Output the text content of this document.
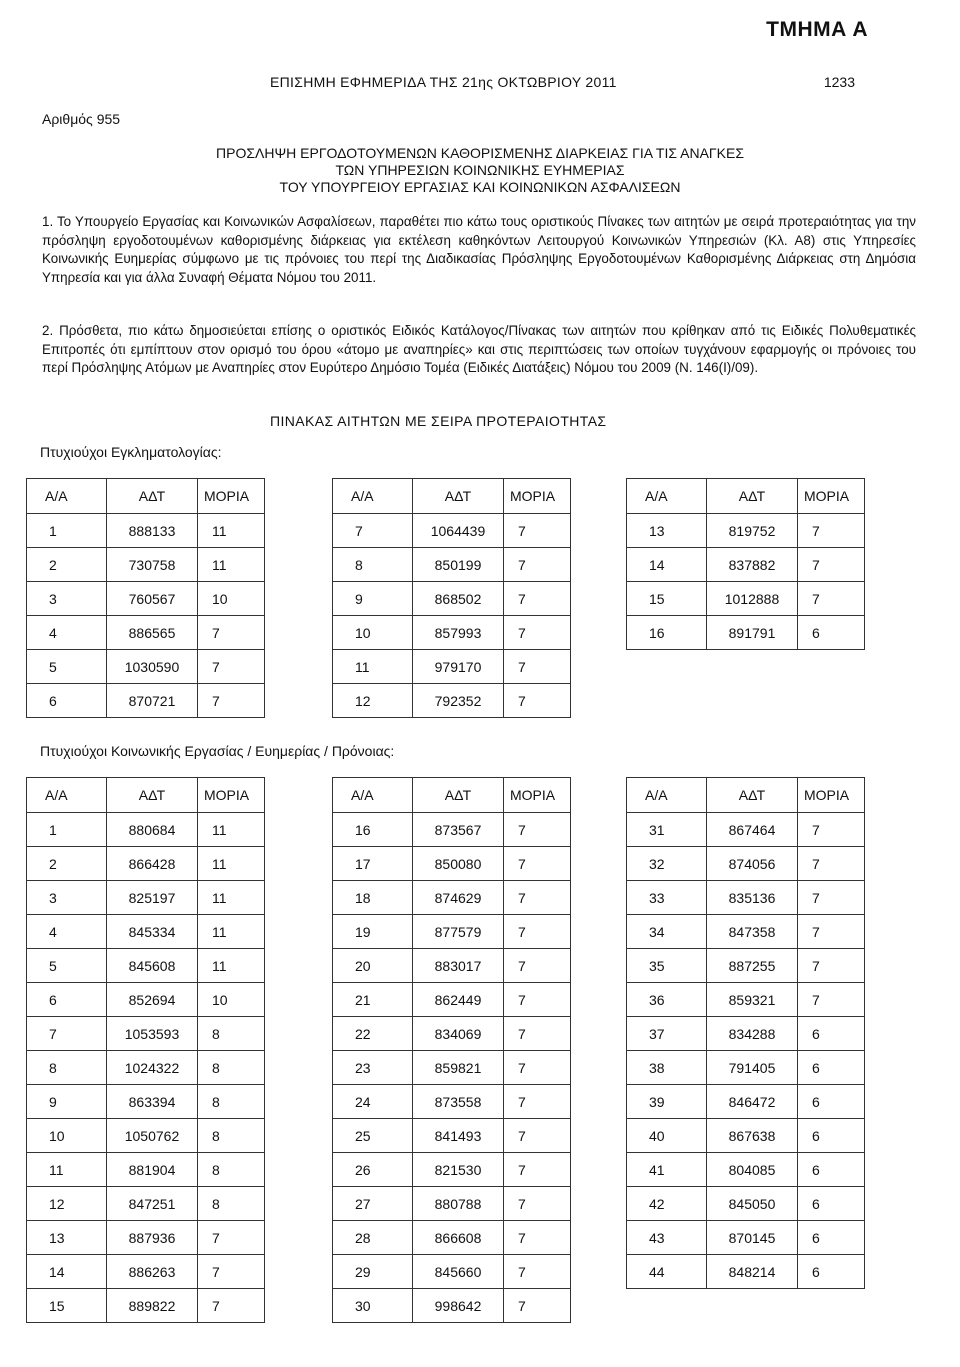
ΤΜΗΜΑ Α
ΕΠΙΣΗΜΗ ΕΦΗΜΕΡΙΔΑ ΤΗΣ 21ης ΟΚΤΩΒΡΙΟΥ 2011	1233
Αριθμός 955
ΠΡΟΣΛΗΨΗ ΕΡΓΟΔΟΤΟΥΜΕΝΩΝ ΚΑΘΟΡΙΣΜΕΝΗΣ ΔΙΑΡΚΕΙΑΣ ΓΙΑ ΤΙΣ ΑΝΑΓΚΕΣ
ΤΩΝ ΥΠΗΡΕΣΙΩΝ ΚΟΙΝΩΝΙΚΗΣ ΕΥΗΜΕΡΙΑΣ
ΤΟΥ ΥΠΟΥΡΓΕΙΟΥ ΕΡΓΑΣΙΑΣ ΚΑΙ ΚΟΙΝΩΝΙΚΩΝ ΑΣΦΑΛΙΣΕΩΝ
1. Το Υπουργείο Εργασίας και Κοινωνικών Ασφαλίσεων, παραθέτει πιο κάτω τους οριστικούς Πίνακες των αιτητών με σειρά προτεραιότητας για την πρόσληψη εργοδοτουμένων καθορισμένης διάρκειας για εκτέλεση καθηκόντων Λειτουργού Κοινωνικών Υπηρεσιών (Κλ. Α8) στις Υπηρεσίες Κοινωνικής Ευημερίας σύμφωνο με τις πρόνοιες του περί της Διαδικασίας Πρόσληψης Εργοδοτουμένων Καθορισμένης Διάρκειας στη Δημόσια Υπηρεσία και για άλλα Συναφή Θέματα Νόμου του 2011.
2. Πρόσθετα, πιο κάτω δημοσιεύεται επίσης ο οριστικός Ειδικός Κατάλογος/Πίνακας των αιτητών που κρίθηκαν από τις Ειδικές Πολυθεματικές Επιτροπές ότι εμπίπτουν στον ορισμό του όρου «άτομο με αναπηρίες» και στις περιπτώσεις των οποίων τυγχάνουν εφαρμογής οι πρόνοιες του περί Πρόσληψης Ατόμων με Αναπηρίες στον Ευρύτερο Δημόσιο Τομέα (Ειδικές Διατάξεις) Νόμου του 2009 (Ν. 146(Ι)/09).
ΠΙΝΑΚΑΣ ΑΙΤΗΤΩΝ ΜΕ ΣΕΙΡΑ ΠΡΟΤΕΡΑΙΟΤΗΤΑΣ
Πτυχιούχοι Εγκληματολογίας:
Α/Α	ΑΔΤ	ΜΟΡΙΑ
1	888133	11
2	730758	11
3	760567	10
4	886565	7
5	1030590	7
6	870721	7
Α/Α	ΑΔΤ	ΜΟΡΙΑ
7	1064439	7
8	850199	7
9	868502	7
10	857993	7
11	979170	7
12	792352	7
Α/Α	ΑΔΤ	ΜΟΡΙΑ
13	819752	7
14	837882	7
15	1012888	7
16	891791	6
Πτυχιούχοι Κοινωνικής Εργασίας / Ευημερίας / Πρόνοιας:
Α/Α	ΑΔΤ	ΜΟΡΙΑ
1	880684	11
2	866428	11
3	825197	11
4	845334	11
5	845608	11
6	852694	10
7	1053593	8
8	1024322	8
9	863394	8
10	1050762	8
11	881904	8
12	847251	8
13	887936	7
14	886263	7
15	889822	7
Α/Α	ΑΔΤ	ΜΟΡΙΑ
16	873567	7
17	850080	7
18	874629	7
19	877579	7
20	883017	7
21	862449	7
22	834069	7
23	859821	7
24	873558	7
25	841493	7
26	821530	7
27	880788	7
28	866608	7
29	845660	7
30	998642	7
Α/Α	ΑΔΤ	ΜΟΡΙΑ
31	867464	7
32	874056	7
33	835136	7
34	847358	7
35	887255	7
36	859321	7
37	834288	6
38	791405	6
39	846472	6
40	867638	6
41	804085	6
42	845050	6
43	870145	6
44	848214	6
